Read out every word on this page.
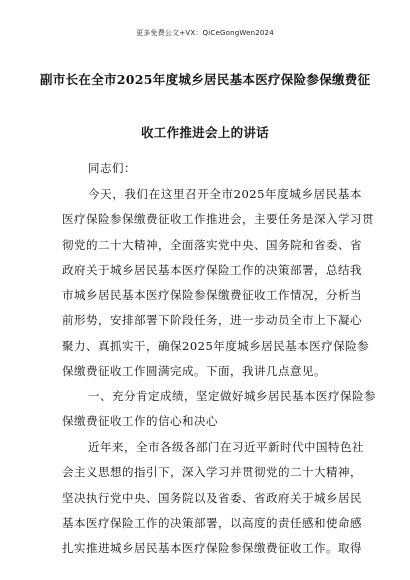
更多免费公文+VX：QiCeGongWen2024
副市长在全市2025年度城乡居民基本医疗保险参保缴费征
收工作推进会上的讲话
同志们：
今天，我们在这里召开全市2025年度城乡居民基本
医疗保险参保缴费征收工作推进会，主要任务是深入学习贯
彻党的二十大精神，全面落实党中央、国务院和省委、省
政府关于城乡居民基本医疗保险工作的决策部署，总结我
市城乡居民基本医疗保险参保缴费征收工作情况，分析当
前形势，安排部署下阶段任务，进一步动员全市上下凝心
聚力、真抓实干，确保2025年度城乡居民基本医疗保险参
保缴费征收工作圆满完成。下面，我讲几点意见。
一、充分肯定成绩，坚定做好城乡居民基本医疗保险参
保缴费征收工作的信心和决心
近年来，全市各级各部门在习近平新时代中国特色社
会主义思想的指引下，深入学习并贯彻党的二十大精神，
坚决执行党中央、国务院以及省委、省政府关于城乡居民
基本医疗保险工作的决策部署，以高度的责任感和使命感
扎实推进城乡居民基本医疗保险参保缴费征收工作。取得
